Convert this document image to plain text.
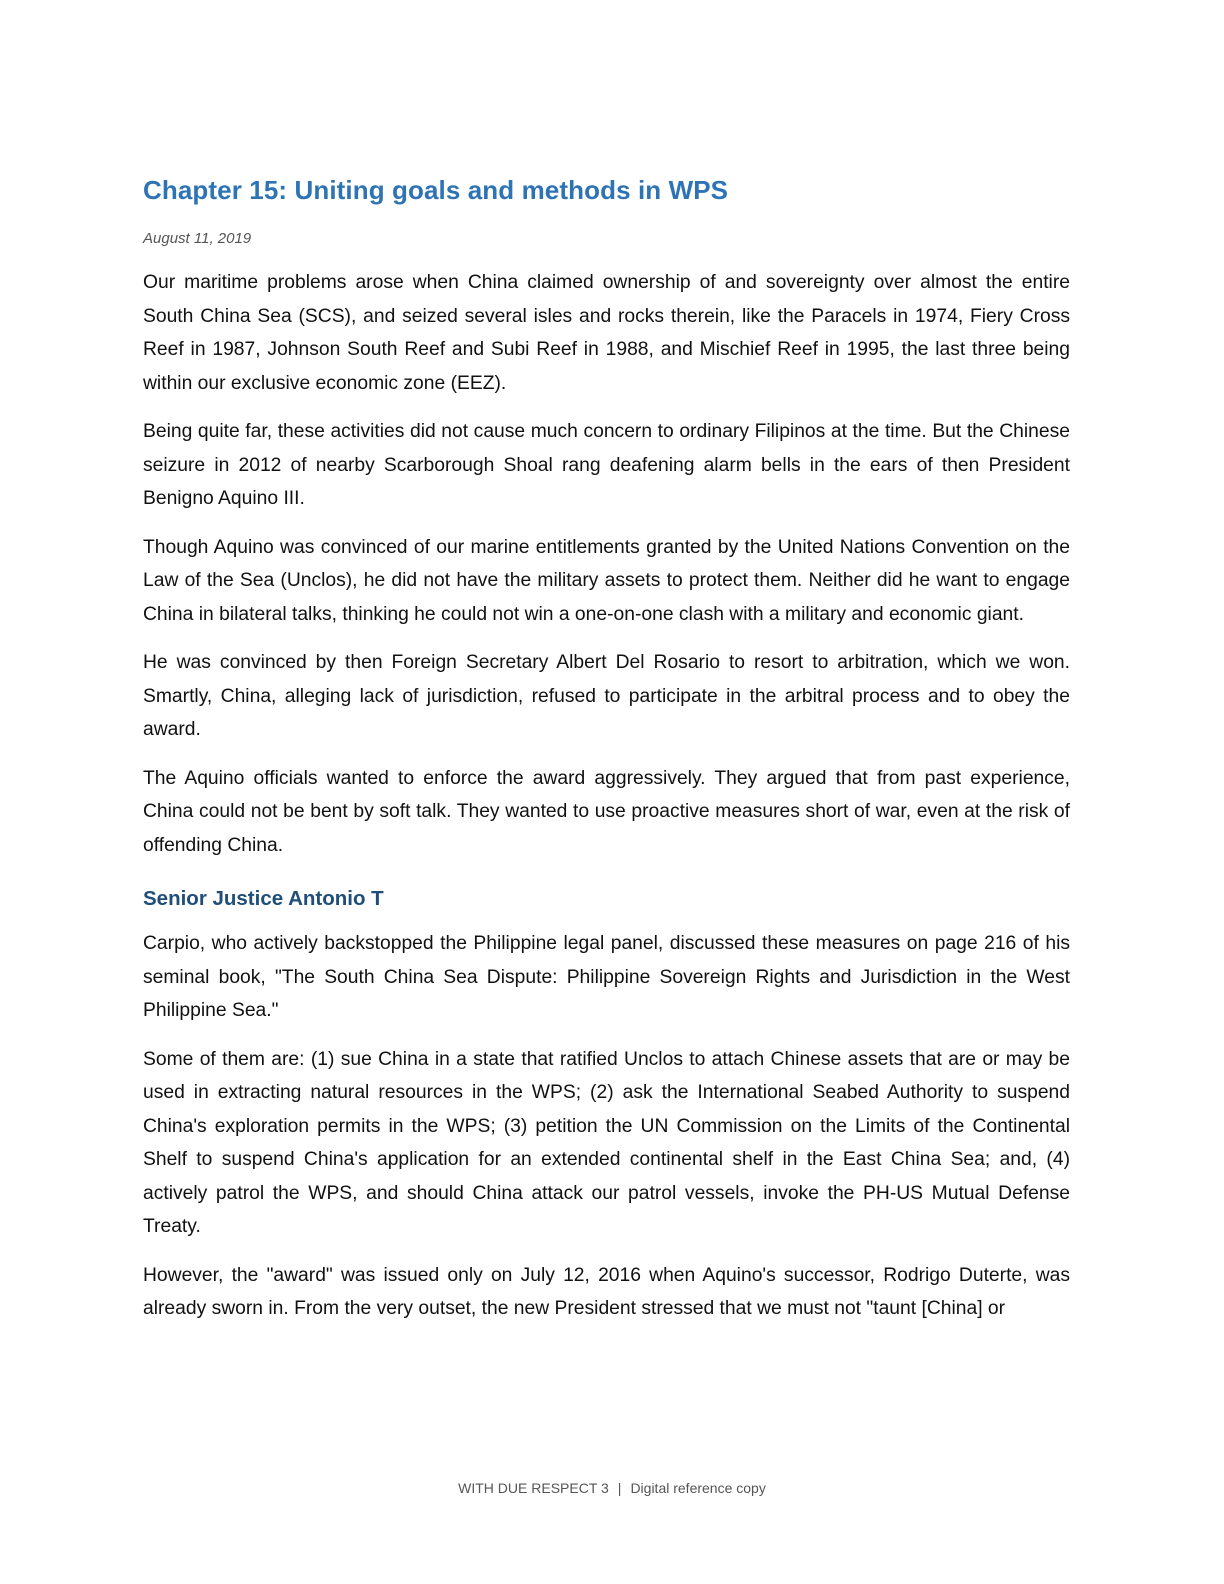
Chapter 15: Uniting goals and methods in WPS

August 11, 2019

Our maritime problems arose when China claimed ownership of and sovereignty over almost the entire South China Sea (SCS), and seized several isles and rocks therein, like the Paracels in 1974, Fiery Cross Reef in 1987, Johnson South Reef and Subi Reef in 1988, and Mischief Reef in 1995, the last three being within our exclusive economic zone (EEZ).

Being quite far, these activities did not cause much concern to ordinary Filipinos at the time. But the Chinese seizure in 2012 of nearby Scarborough Shoal rang deafening alarm bells in the ears of then President Benigno Aquino III.

Though Aquino was convinced of our marine entitlements granted by the United Nations Convention on the Law of the Sea (Unclos), he did not have the military assets to protect them. Neither did he want to engage China in bilateral talks, thinking he could not win a one-on-one clash with a military and economic giant.

He was convinced by then Foreign Secretary Albert Del Rosario to resort to arbitration, which we won. Smartly, China, alleging lack of jurisdiction, refused to participate in the arbitral process and to obey the award.

The Aquino officials wanted to enforce the award aggressively. They argued that from past experience, China could not be bent by soft talk. They wanted to use proactive measures short of war, even at the risk of offending China.

Senior Justice Antonio T

Carpio, who actively backstopped the Philippine legal panel, discussed these measures on page 216 of his seminal book, "The South China Sea Dispute: Philippine Sovereign Rights and Jurisdiction in the West Philippine Sea."

Some of them are: (1) sue China in a state that ratified Unclos to attach Chinese assets that are or may be used in extracting natural resources in the WPS; (2) ask the International Seabed Authority to suspend China's exploration permits in the WPS; (3) petition the UN Commission on the Limits of the Continental Shelf to suspend China's application for an extended continental shelf in the East China Sea; and, (4) actively patrol the WPS, and should China attack our patrol vessels, invoke the PH-US Mutual Defense Treaty.

However, the "award" was issued only on July 12, 2016 when Aquino's successor, Rodrigo Duterte, was already sworn in. From the very outset, the new President stressed that we must not "taunt [China] or

WITH DUE RESPECT 3 | Digital reference copy
